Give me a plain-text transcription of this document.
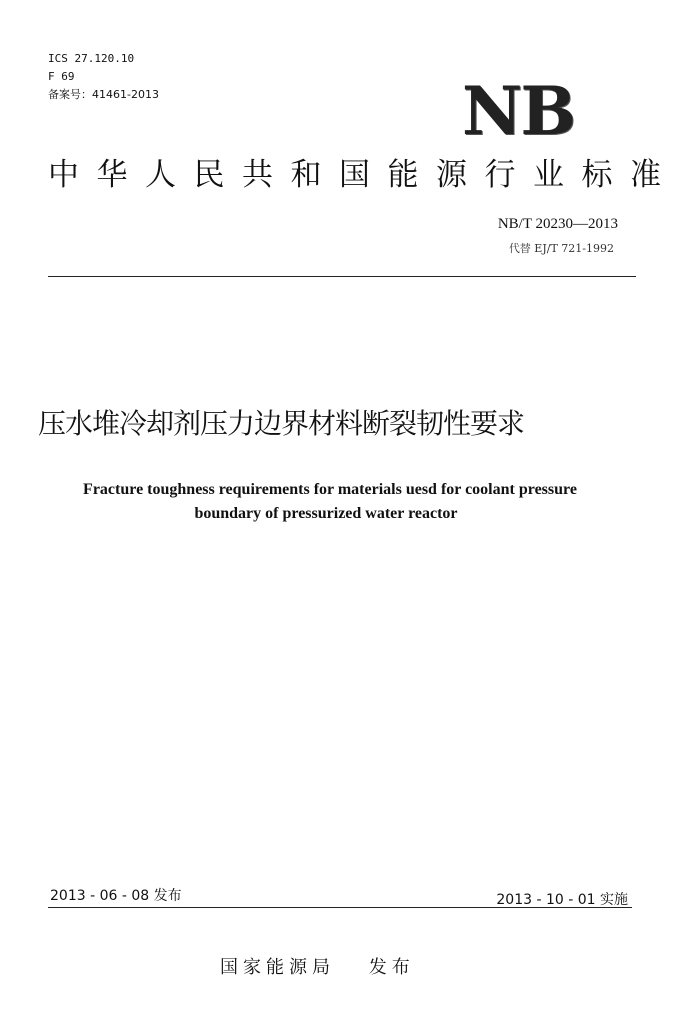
ICS 27.120.10
F 69
备案号：41461-2013	NB
中华人民共和国能源行业标准
NB/T 20230—2013
代替 EJ/T 721-1992
压水堆冷却剂压力边界材料断裂韧性要求
Fracture toughness requirements for materials uesd for coolant pressure
boundary of pressurized water reactor
2013 - 06 - 08 发布	2013 - 10 - 01 实施
国家能源局　 发布
